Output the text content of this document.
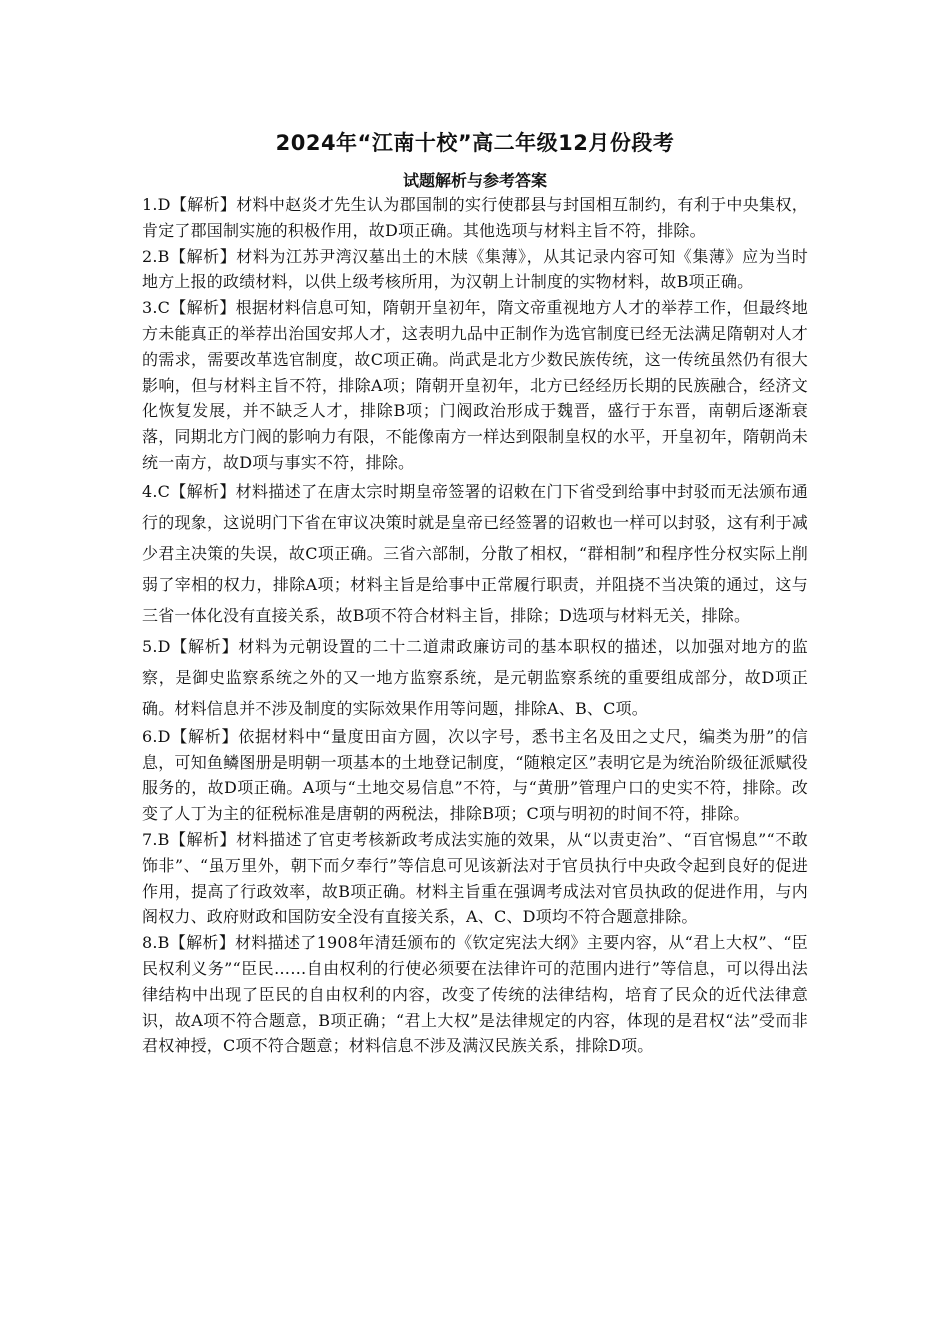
2024年“江南十校”高二年级12月份段考
试题解析与参考答案

1.D【解析】材料中赵炎才先生认为郡国制的实行使郡县与封国相互制约，有利于中央集权，肯定了郡国制实施的积极作用，故D项正确。其他选项与材料主旨不符，排除。

2.B【解析】材料为江苏尹湾汉墓出土的木牍《集薄》，从其记录内容可知《集薄》应为当时地方上报的政绩材料，以供上级考核所用，为汉朝上计制度的实物材料，故B项正确。

3.C【解析】根据材料信息可知，隋朝开皇初年，隋文帝重视地方人才的举荐工作，但最终地方未能真正的举荐出治国安邦人才，这表明九品中正制作为选官制度已经无法满足隋朝对人才的需求，需要改革选官制度，故C项正确。尚武是北方少数民族传统，这一传统虽然仍有很大影响，但与材料主旨不符，排除A项；隋朝开皇初年，北方已经经历长期的民族融合，经济文化恢复发展，并不缺乏人才，排除B项；门阀政治形成于魏晋，盛行于东晋，南朝后逐渐衰落，同期北方门阀的影响力有限，不能像南方一样达到限制皇权的水平，开皇初年，隋朝尚未统一南方，故D项与事实不符，排除。

4.C【解析】材料描述了在唐太宗时期皇帝签署的诏敕在门下省受到给事中封驳而无法颁布通行的现象，这说明门下省在审议决策时就是皇帝已经签署的诏敕也一样可以封驳，这有利于减少君主决策的失误，故C项正确。三省六部制，分散了相权，“群相制”和程序性分权实际上削弱了宰相的权力，排除A项；材料主旨是给事中正常履行职责，并阻挠不当决策的通过，这与三省一体化没有直接关系，故B项不符合材料主旨，排除；D选项与材料无关，排除。

5.D【解析】材料为元朝设置的二十二道肃政廉访司的基本职权的描述，以加强对地方的监察，是御史监察系统之外的又一地方监察系统，是元朝监察系统的重要组成部分，故D项正确。材料信息并不涉及制度的实际效果作用等问题，排除A、B、C项。

6.D【解析】依据材料中“量度田亩方圆，次以字号，悉书主名及田之丈尺，编类为册”的信息，可知鱼鳞图册是明朝一项基本的土地登记制度，“随粮定区”表明它是为统治阶级征派赋役服务的，故D项正确。A项与“土地交易信息”不符，与“黄册”管理户口的史实不符，排除。改变了人丁为主的征税标准是唐朝的两税法，排除B项；C项与明初的时间不符，排除。

7.B【解析】材料描述了官吏考核新政考成法实施的效果，从“以责吏治”、“百官惕息”“不敢饰非”、“虽万里外，朝下而夕奉行”等信息可见该新法对于官员执行中央政令起到良好的促进作用，提高了行政效率，故B项正确。材料主旨重在强调考成法对官员执政的促进作用，与内阁权力、政府财政和国防安全没有直接关系，A、C、D项均不符合题意排除。

8.B【解析】材料描述了1908年清廷颁布的《钦定宪法大纲》主要内容，从“君上大权”、“臣民权利义务”“臣民……自由权利的行使必须要在法律许可的范围内进行”等信息，可以得出法律结构中出现了臣民的自由权利的内容，改变了传统的法律结构，培育了民众的近代法律意识，故A项不符合题意，B项正确；“君上大权”是法律规定的内容，体现的是君权“法”受而非君权神授，C项不符合题意；材料信息不涉及满汉民族关系，排除D项。
